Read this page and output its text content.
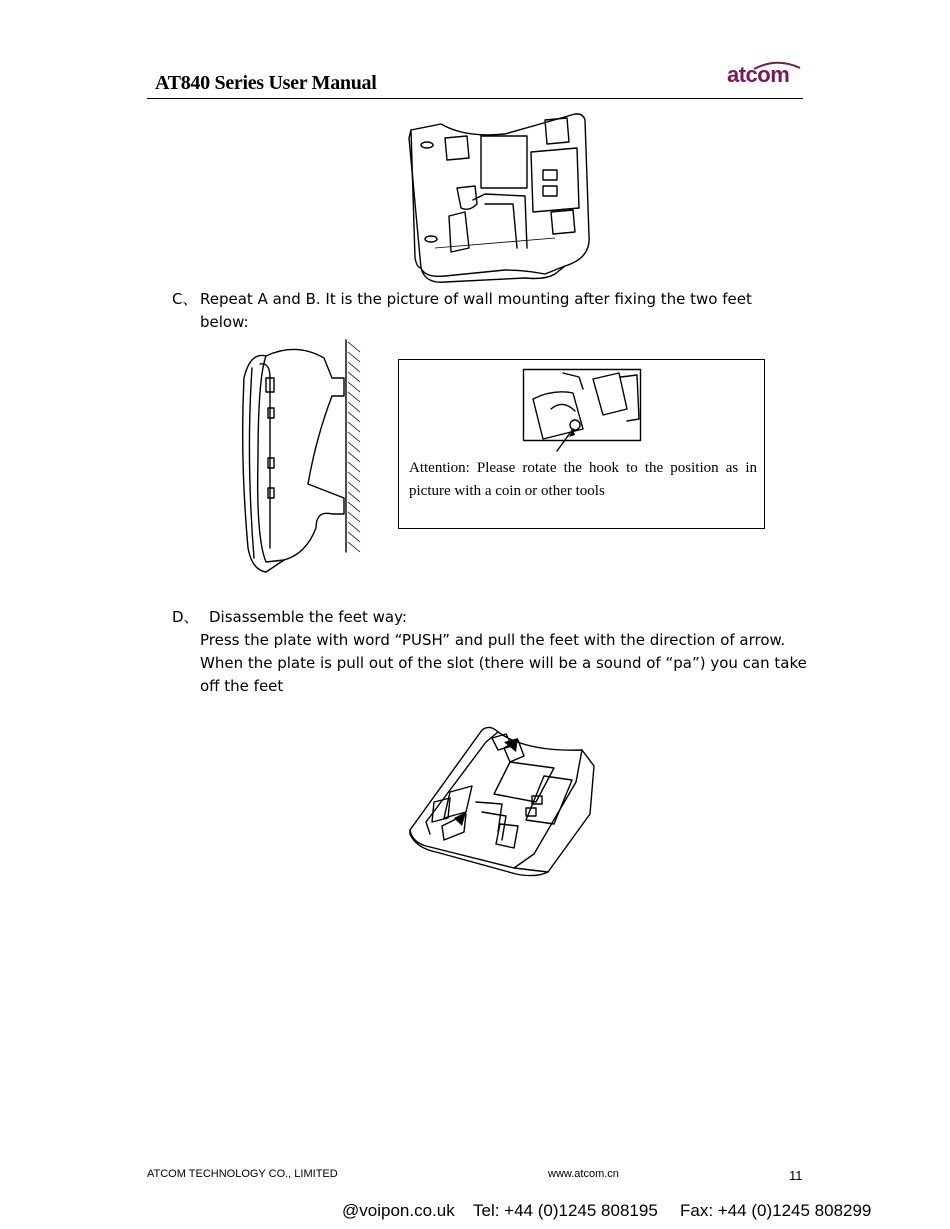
AT840 Series User Manual	atcom
C、 Repeat A and B. It is the picture of wall mounting after fixing the two feet
below:
Attention: Please rotate the hook to the position as in picture with a coin or other tools
D、 Disassemble the feet way:
Press the plate with word “PUSH” and pull the feet with the direction of arrow.
When the plate is pull out of the slot (there will be a sound of “pa”) you can take
off the feet
ATCOM TECHNOLOGY CO., LIMITED	www.atcom.cn	11
@voipon.co.uk Tel: +44 (0)1245 808195 Fax: +44 (0)1245 808299
